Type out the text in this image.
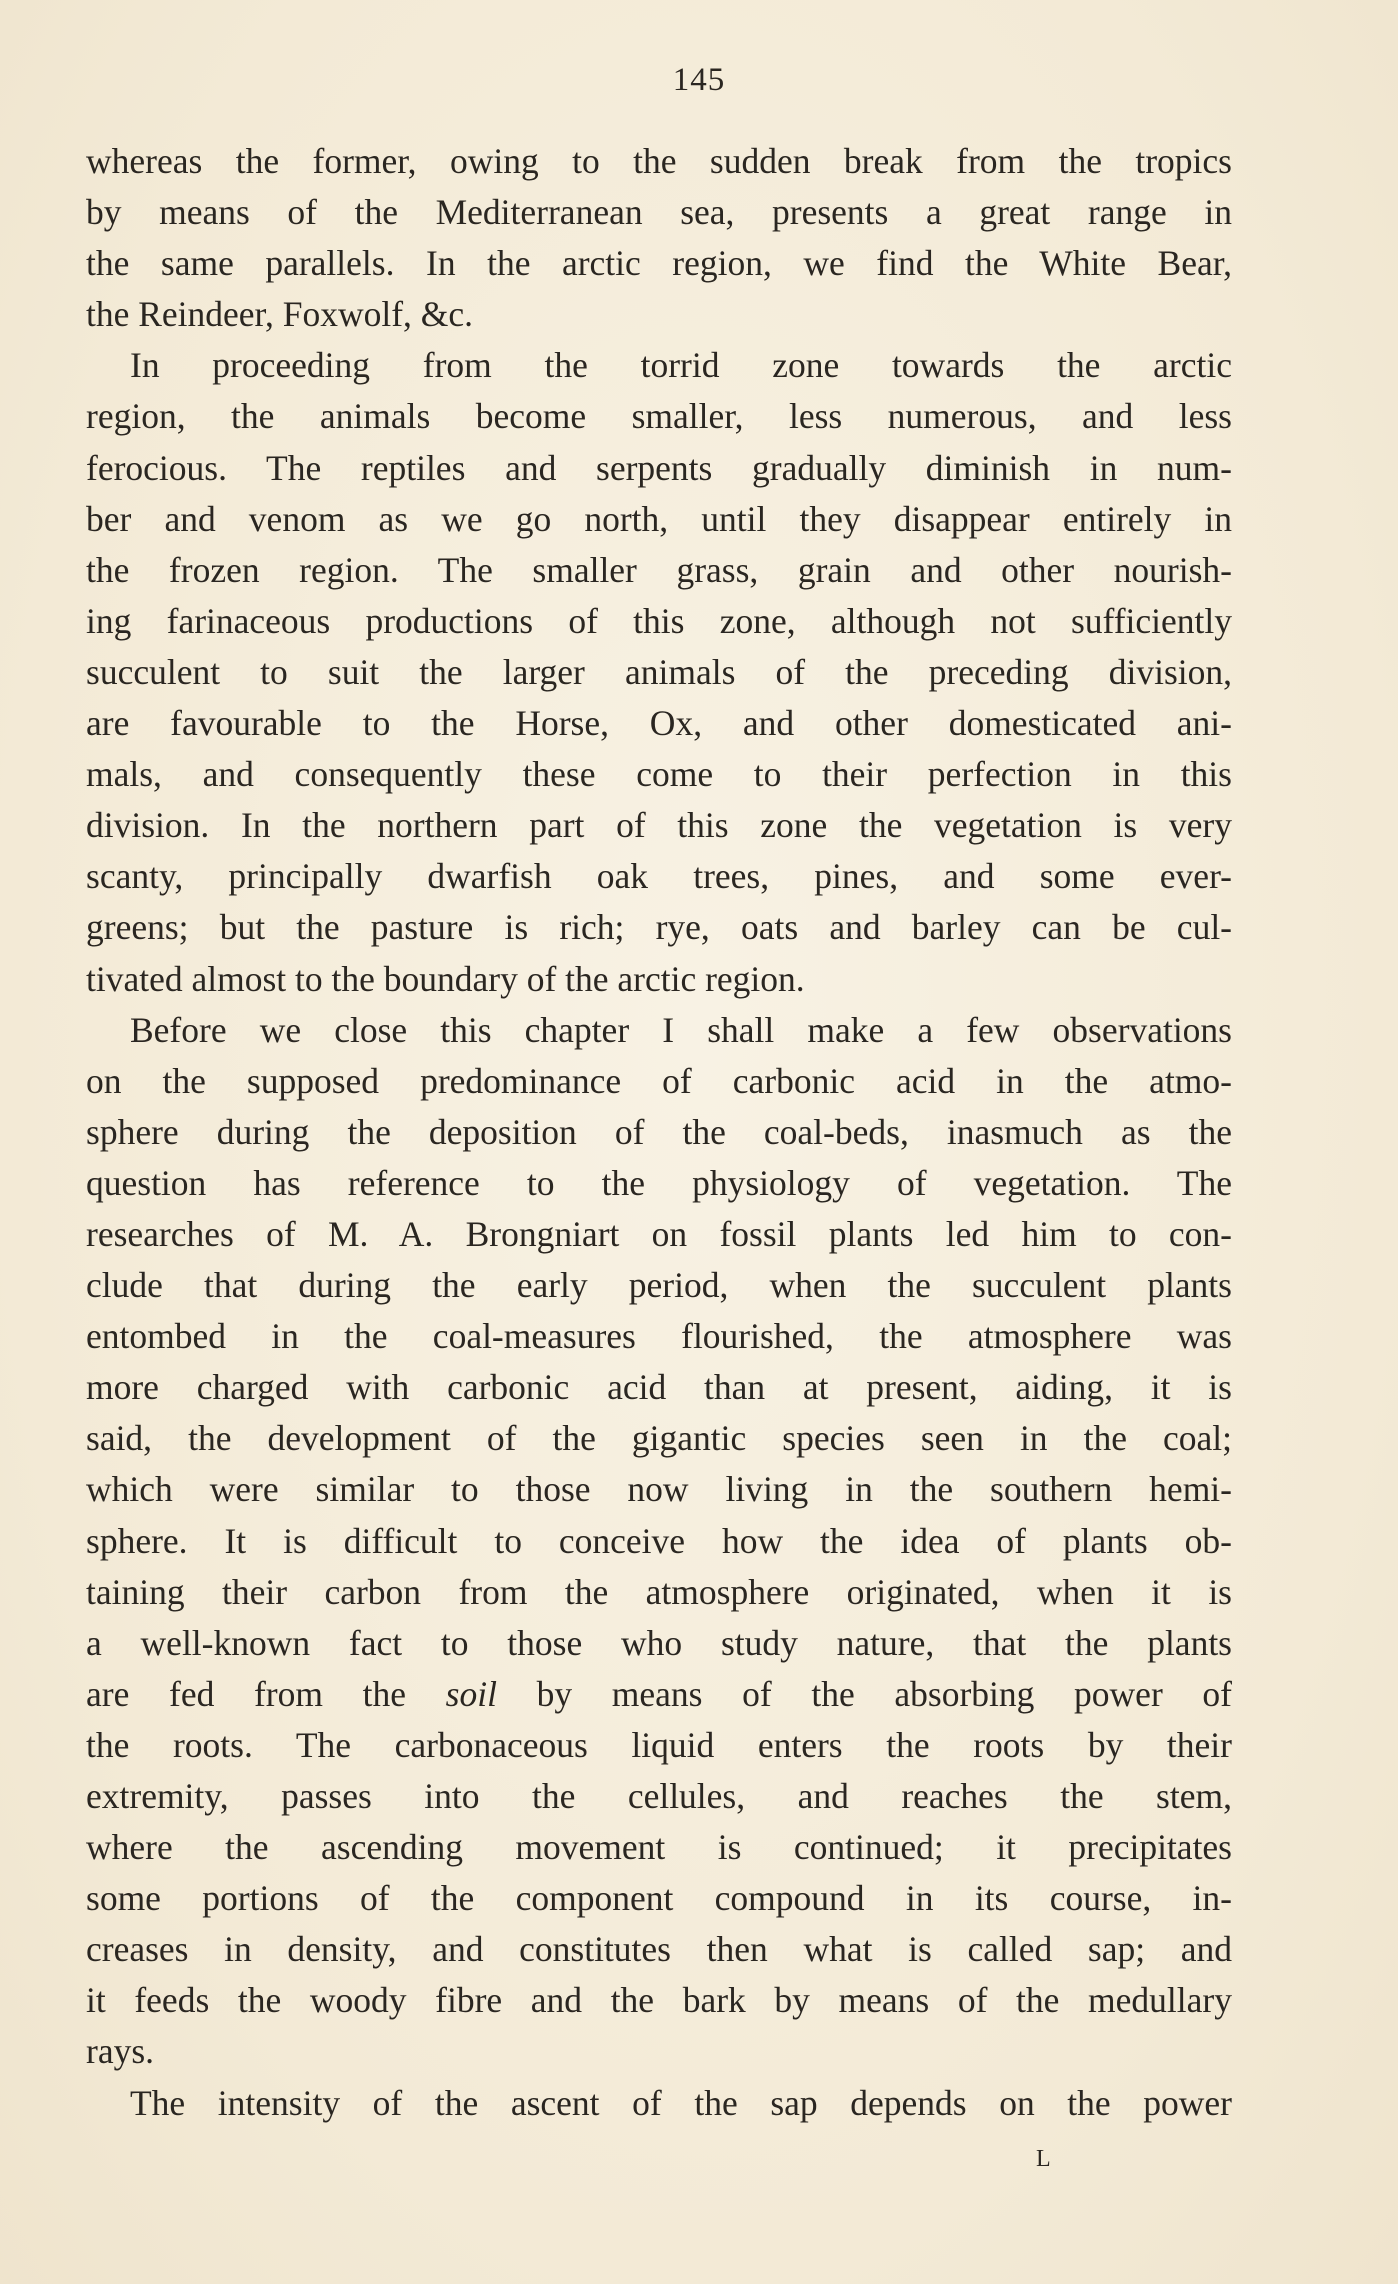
145
whereas the former, owing to the sudden break from the tropics
by means of the Mediterranean sea, presents a great range in
the same parallels. In the arctic region, we find the White Bear,
the Reindeer, Foxwolf, &c.
In proceeding from the torrid zone towards the arctic
region, the animals become smaller, less numerous, and less
ferocious. The reptiles and serpents gradually diminish in num-
ber and venom as we go north, until they disappear entirely in
the frozen region. The smaller grass, grain and other nourish-
ing farinaceous productions of this zone, although not sufficiently
succulent to suit the larger animals of the preceding division,
are favourable to the Horse, Ox, and other domesticated ani-
mals, and consequently these come to their perfection in this
division. In the northern part of this zone the vegetation is very
scanty, principally dwarfish oak trees, pines, and some ever-
greens; but the pasture is rich; rye, oats and barley can be cul-
tivated almost to the boundary of the arctic region.
Before we close this chapter I shall make a few observations
on the supposed predominance of carbonic acid in the atmo-
sphere during the deposition of the coal-beds, inasmuch as the
question has reference to the physiology of vegetation. The
researches of M. A. Brongniart on fossil plants led him to con-
clude that during the early period, when the succulent plants
entombed in the coal-measures flourished, the atmosphere was
more charged with carbonic acid than at present, aiding, it is
said, the development of the gigantic species seen in the coal;
which were similar to those now living in the southern hemi-
sphere. It is difficult to conceive how the idea of plants ob-
taining their carbon from the atmosphere originated, when it is
a well-known fact to those who study nature, that the plants
are fed from the soil by means of the absorbing power of
the roots. The carbonaceous liquid enters the roots by their
extremity, passes into the cellules, and reaches the stem,
where the ascending movement is continued; it precipitates
some portions of the component compound in its course, in-
creases in density, and constitutes then what is called sap; and
it feeds the woody fibre and the bark by means of the medullary
rays.
The intensity of the ascent of the sap depends on the power
L
